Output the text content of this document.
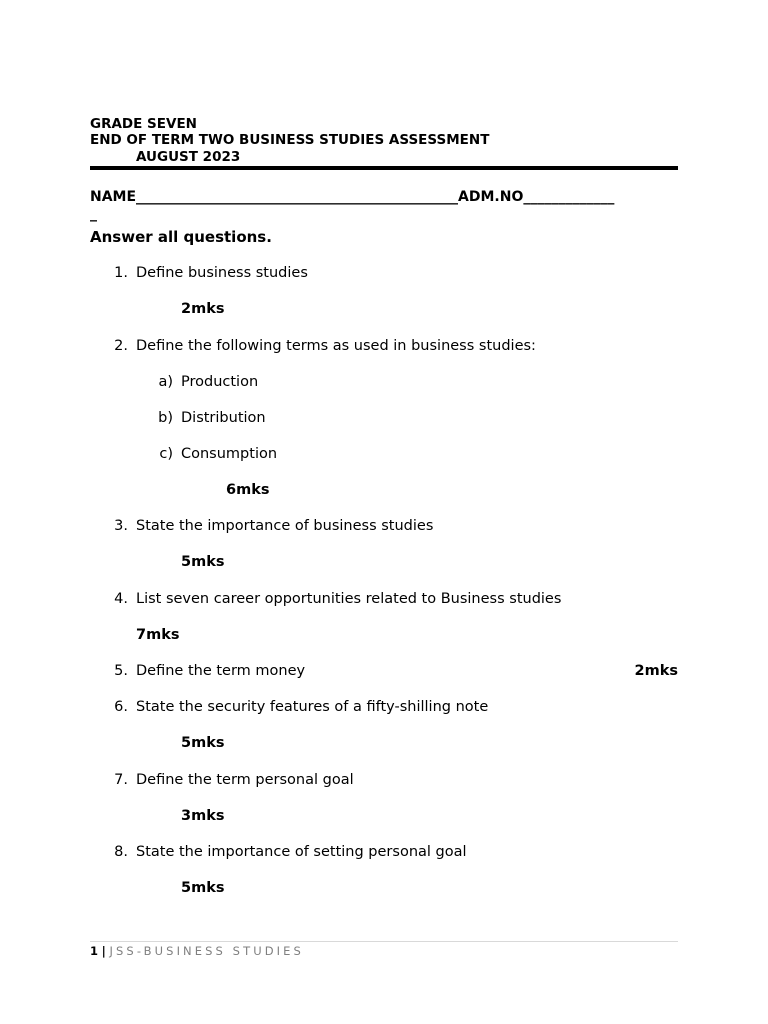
GRADE SEVEN
END OF TERM TWO BUSINESS STUDIES ASSESSMENT
AUGUST 2023
NAME______________________________________________ADM.NO_____________
_
Answer all questions.
1. Define business studies
2mks
2. Define the following terms as used in business studies:
a) Production
b) Distribution
c) Consumption
6mks
3. State the importance of business studies
5mks
4. List seven career opportunities related to Business studies
7mks
5. Define the term money	2mks
6. State the security features of a fifty-shilling note
5mks
7. Define the term personal goal
3mks
8. State the importance of setting personal goal
5mks
1 | JSS-BUSINESS STUDIES
